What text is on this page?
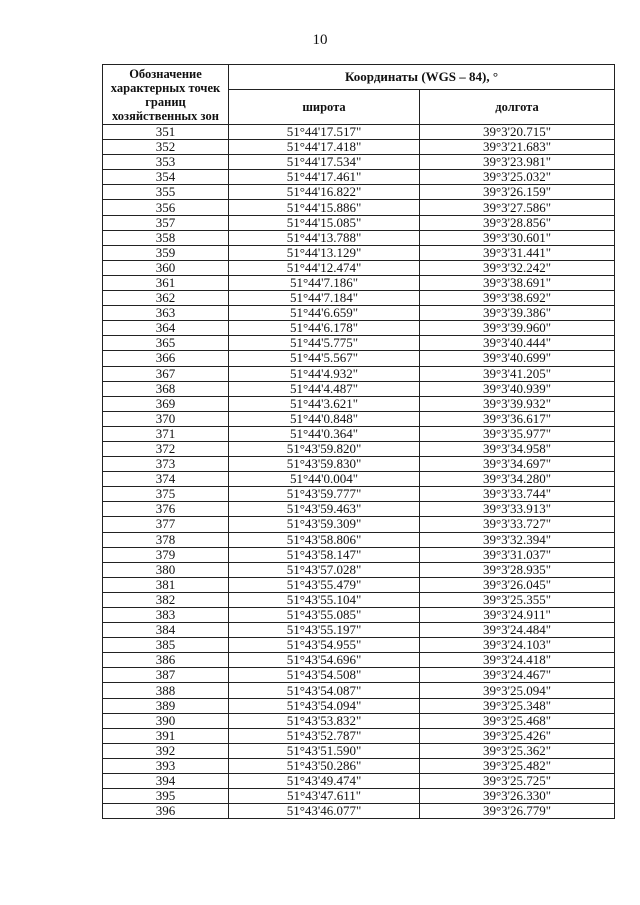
10
Обозначение характерных точек границ хозяйственных зон	Координаты (WGS – 84), °	
	широта	долгота
351	51°44'17.517"	39°3'20.715"
352	51°44'17.418"	39°3'21.683"
353	51°44'17.534"	39°3'23.981"
354	51°44'17.461"	39°3'25.032"
355	51°44'16.822"	39°3'26.159"
356	51°44'15.886"	39°3'27.586"
357	51°44'15.085"	39°3'28.856"
358	51°44'13.788"	39°3'30.601"
359	51°44'13.129"	39°3'31.441"
360	51°44'12.474"	39°3'32.242"
361	51°44'7.186"	39°3'38.691"
362	51°44'7.184"	39°3'38.692"
363	51°44'6.659"	39°3'39.386"
364	51°44'6.178"	39°3'39.960"
365	51°44'5.775"	39°3'40.444"
366	51°44'5.567"	39°3'40.699"
367	51°44'4.932"	39°3'41.205"
368	51°44'4.487"	39°3'40.939"
369	51°44'3.621"	39°3'39.932"
370	51°44'0.848"	39°3'36.617"
371	51°44'0.364"	39°3'35.977"
372	51°43'59.820"	39°3'34.958"
373	51°43'59.830"	39°3'34.697"
374	51°44'0.004"	39°3'34.280"
375	51°43'59.777"	39°3'33.744"
376	51°43'59.463"	39°3'33.913"
377	51°43'59.309"	39°3'33.727"
378	51°43'58.806"	39°3'32.394"
379	51°43'58.147"	39°3'31.037"
380	51°43'57.028"	39°3'28.935"
381	51°43'55.479"	39°3'26.045"
382	51°43'55.104"	39°3'25.355"
383	51°43'55.085"	39°3'24.911"
384	51°43'55.197"	39°3'24.484"
385	51°43'54.955"	39°3'24.103"
386	51°43'54.696"	39°3'24.418"
387	51°43'54.508"	39°3'24.467"
388	51°43'54.087"	39°3'25.094"
389	51°43'54.094"	39°3'25.348"
390	51°43'53.832"	39°3'25.468"
391	51°43'52.787"	39°3'25.426"
392	51°43'51.590"	39°3'25.362"
393	51°43'50.286"	39°3'25.482"
394	51°43'49.474"	39°3'25.725"
395	51°43'47.611"	39°3'26.330"
396	51°43'46.077"	39°3'26.779"
